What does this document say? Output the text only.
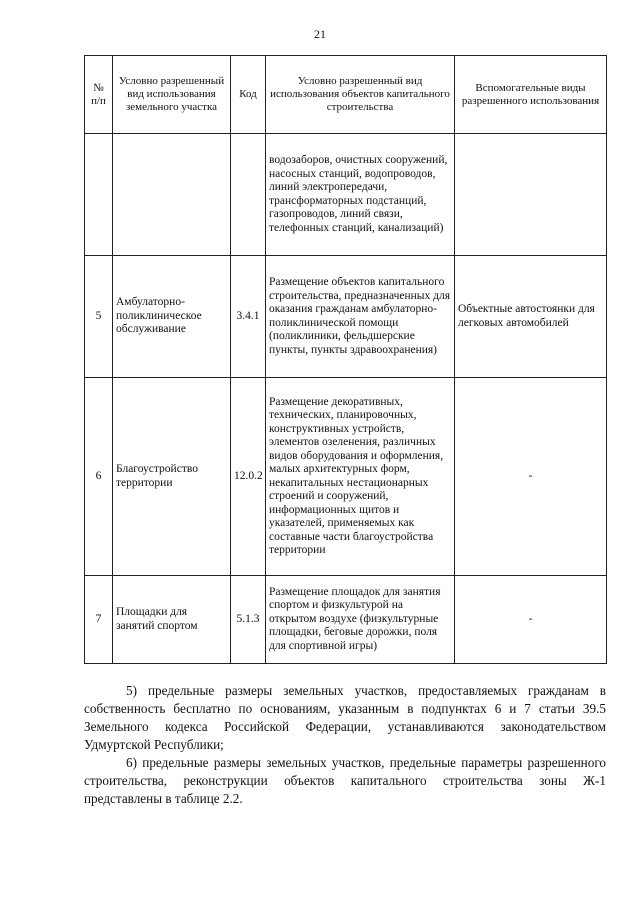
21
№ п/п	Условно разрешенный вид использования земельного участка	Код	Условно разрешенный вид использования объектов капитального строительства	Вспомогательные виды разрешенного использования
			водозаборов, очистных сооружений, насосных станций, водопроводов, линий электропередачи, трансформаторных подстанций, газопроводов, линий связи, телефонных станций, канализаций)	
5	Амбулаторно-поликлиническое обслуживание	3.4.1	Размещение объектов капитального строительства, предназначенных для оказания гражданам амбулаторно-поликлинической помощи (поликлиники, фельдшерские пункты, пункты здравоохранения)	Объектные автостоянки для легковых автомобилей
6	Благоустройство территории	12.0.2	Размещение декоративных, технических, планировочных, конструктивных устройств, элементов озеленения, различных видов оборудования и оформления, малых архитектурных форм, некапитальных нестационарных строений и сооружений, информационных щитов и указателей, применяемых как составные части благоустройства территории	-
7	Площадки для занятий спортом	5.1.3	Размещение площадок для занятия спортом и физкультурой на открытом воздухе (физкультурные площадки, беговые дорожки, поля для спортивной игры)	-

5) предельные размеры земельных участков, предоставляемых гражданам в собственность бесплатно по основаниям, указанным в подпунктах 6 и 7 статьи 39.5 Земельного кодекса Российской Федерации, устанавливаются законодательством Удмуртской Республики;

6) предельные размеры земельных участков, предельные параметры разрешенного строительства, реконструкции объектов капитального строительства зоны Ж-1 представлены в таблице 2.2.
